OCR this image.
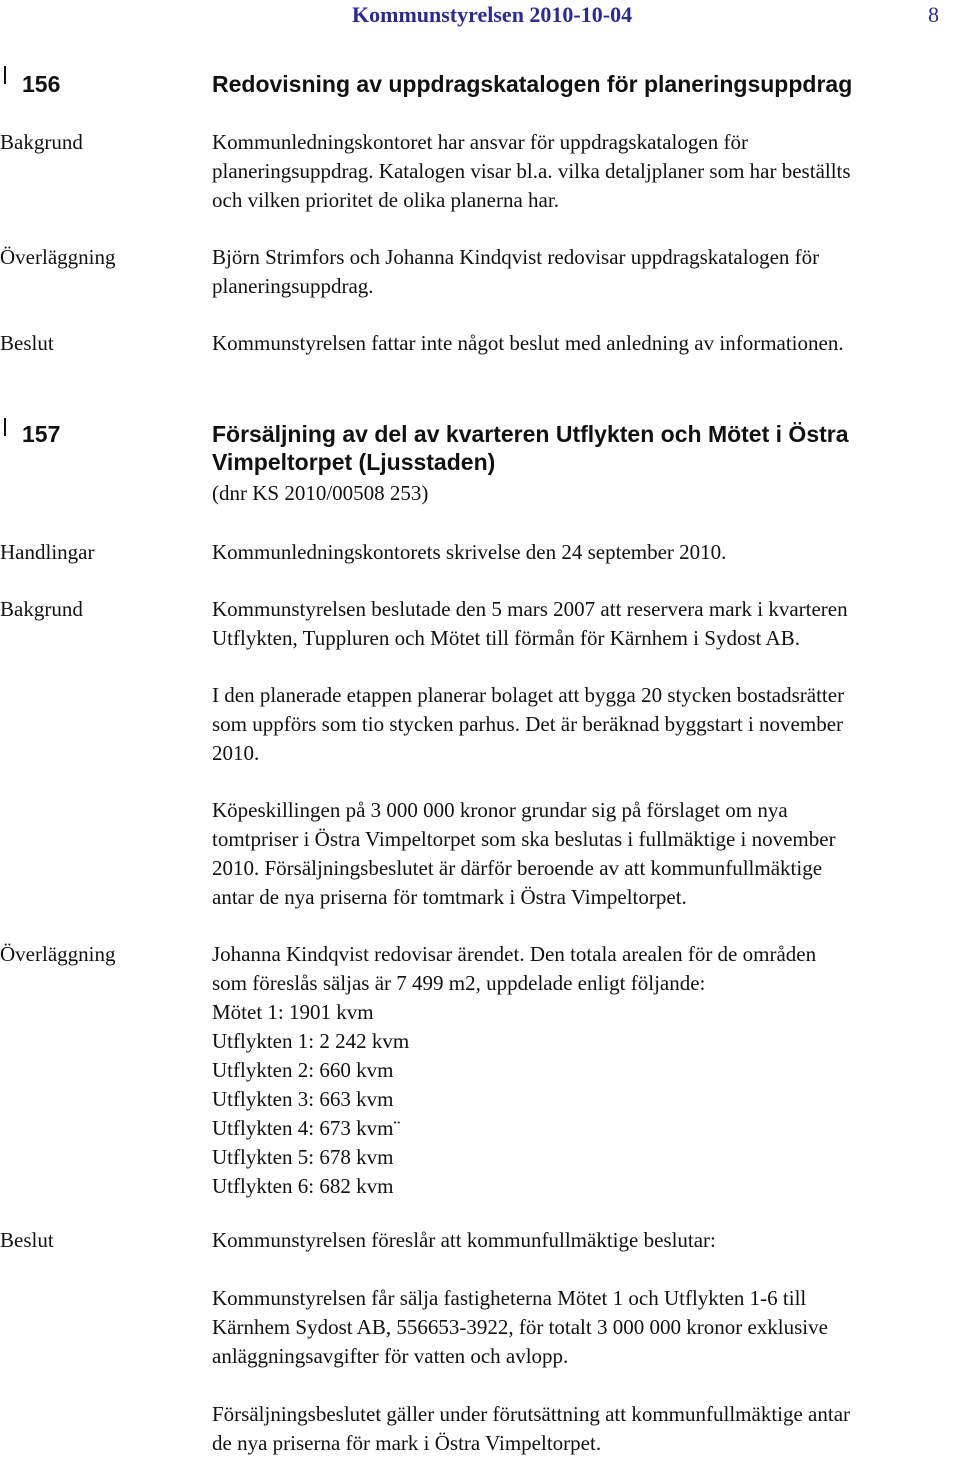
Kommunstyrelsen 2010-10-04	8
156	Redovisning av uppdragskatalogen för planeringsuppdrag
Bakgrund	Kommunledningskontoret har ansvar för uppdragskatalogen för
planeringsuppdrag. Katalogen visar bl.a. vilka detaljplaner som har beställts
och vilken prioritet de olika planerna har.
Överläggning	Björn Strimfors och Johanna Kindqvist redovisar uppdragskatalogen för
planeringsuppdrag.
Beslut	Kommunstyrelsen fattar inte något beslut med anledning av informationen.
157	Försäljning av del av kvarteren Utflykten och Mötet i Östra
Vimpeltorpet (Ljusstaden)
(dnr KS 2010/00508 253)
Handlingar	Kommunledningskontorets skrivelse den 24 september 2010.
Bakgrund	Kommunstyrelsen beslutade den 5 mars 2007 att reservera mark i kvarteren
Utflykten, Tuppluren och Mötet till förmån för Kärnhem i Sydost AB.
I den planerade etappen planerar bolaget att bygga 20 stycken bostadsrätter
som uppförs som tio stycken parhus. Det är beräknad byggstart i november
2010.
Köpeskillingen på 3 000 000 kronor grundar sig på förslaget om nya
tomtpriser i Östra Vimpeltorpet som ska beslutas i fullmäktige i november
2010. Försäljningsbeslutet är därför beroende av att kommunfullmäktige
antar de nya priserna för tomtmark i Östra Vimpeltorpet.
Överläggning	Johanna Kindqvist redovisar ärendet. Den totala arealen för de områden
som föreslås säljas är 7 499 m2, uppdelade enligt följande:
Mötet 1: 1901 kvm
Utflykten 1: 2 242 kvm
Utflykten 2: 660 kvm
Utflykten 3: 663 kvm
Utflykten 4: 673 kvm¨
Utflykten 5: 678 kvm
Utflykten 6: 682 kvm
Beslut	Kommunstyrelsen föreslår att kommunfullmäktige beslutar:
Kommunstyrelsen får sälja fastigheterna Mötet 1 och Utflykten 1-6 till
Kärnhem Sydost AB, 556653-3922, för totalt 3 000 000 kronor exklusive
anläggningsavgifter för vatten och avlopp.
Försäljningsbeslutet gäller under förutsättning att kommunfullmäktige antar
de nya priserna för mark i Östra Vimpeltorpet.
